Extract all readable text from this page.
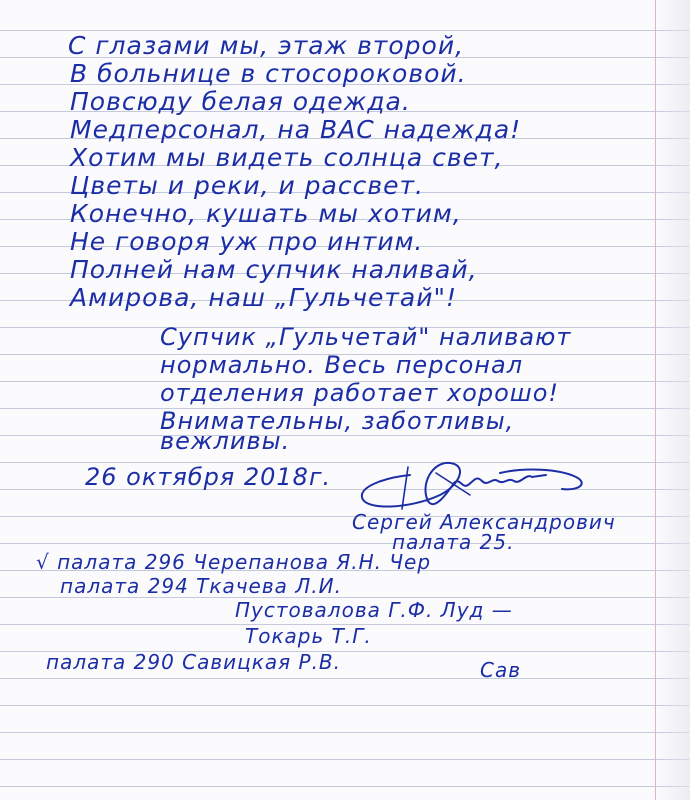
С глазами мы, этаж второй,
В больнице в стосороковой.
Повсюду белая одежда.
Медперсонал, на ВАС надежда!
Хотим мы видеть солнца свет,
Цветы и реки, и рассвет.
Конечно, кушать мы хотим,
Не говоря уж про интим.
Полней нам супчик наливай,
Амирова, наш „Гульчетай"!
Супчик „Гульчетай" наливают
нормально. Весь персонал
отделения работает хорошо!
Внимательны, заботливы,
вежливы.
26 октября 2018г.
Сергей Александрович
палата 25.
√ палата 296 Черепанова Я.Н. Чер
палата 294 Ткачева Л.И.
Пустовалова Г.Ф. Луд —
Токарь Т.Г.
палата 290 Савицкая Р.В.	Сав
